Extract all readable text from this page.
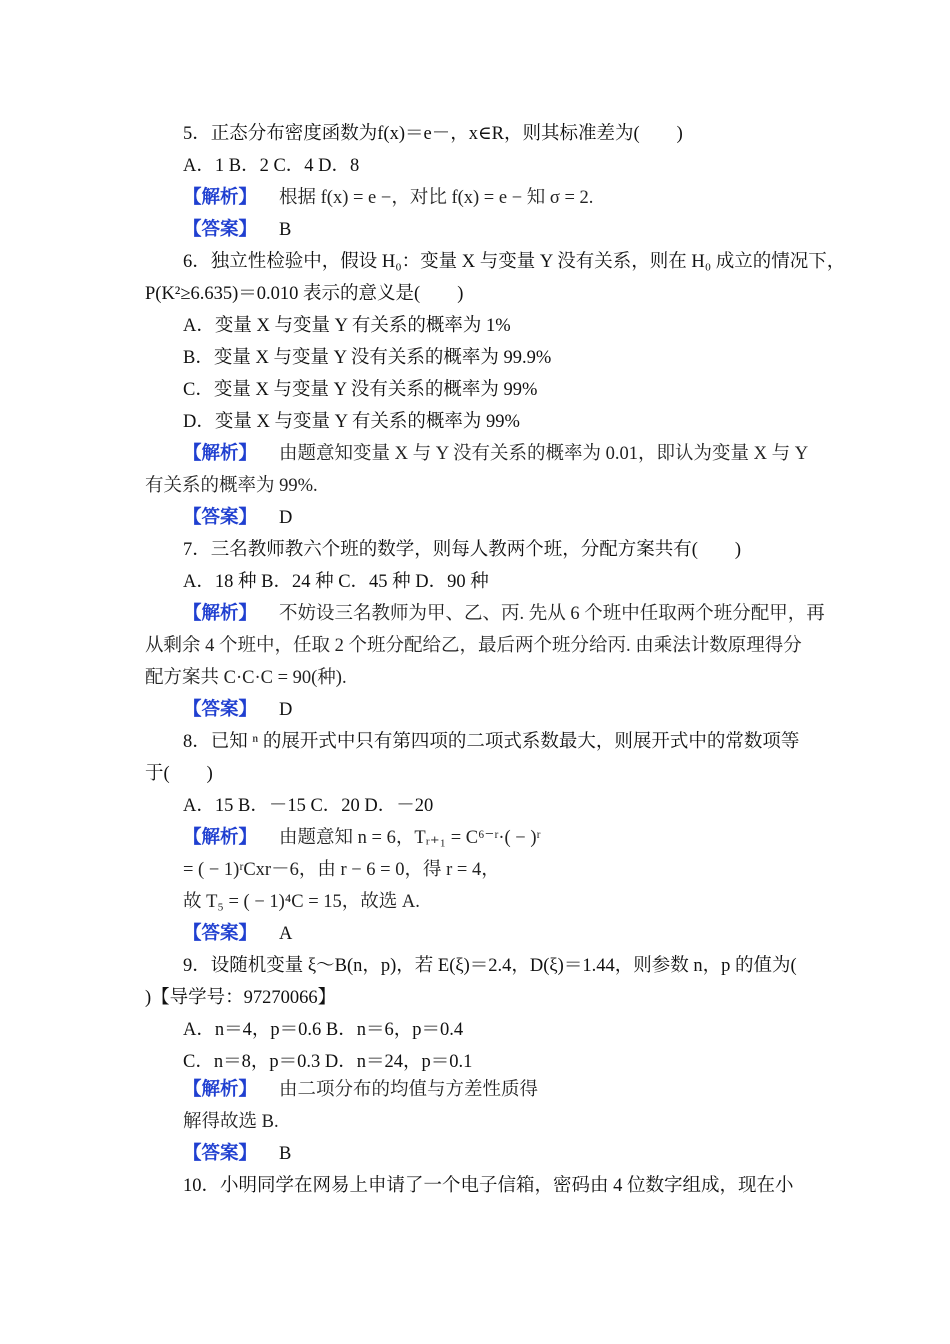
5．正态分布密度函数为f(x)＝e－，x∈R，则其标准差为(　　)
A．1 B．2 C．4 D．8
【解析】 根据 f(x) = e −，对比 f(x) = e − 知 σ = 2.
【答案】 B
6．独立性检验中，假设 H₀：变量 X 与变量 Y 没有关系，则在 H₀ 成立的情况下，
P(K²≥6.635)＝0.010 表示的意义是(　　)
A．变量 X 与变量 Y 有关系的概率为 1%
B．变量 X 与变量 Y 没有关系的概率为 99.9%
C．变量 X 与变量 Y 没有关系的概率为 99%
D．变量 X 与变量 Y 有关系的概率为 99%
【解析】 由题意知变量 X 与 Y 没有关系的概率为 0.01，即认为变量 X 与 Y
有关系的概率为 99%.
【答案】 D
7．三名教师教六个班的数学，则每人教两个班，分配方案共有(　　)
A．18 种 B．24 种 C．45 种 D．90 种
【解析】 不妨设三名教师为甲、乙、丙. 先从 6 个班中任取两个班分配甲，再
从剩余 4 个班中，任取 2 个班分配给乙，最后两个班分给丙. 由乘法计数原理得分
配方案共 C·C·C = 90(种).
【答案】 D
8．已知 ⁿ 的展开式中只有第四项的二项式系数最大，则展开式中的常数项等
于(　　)
A．15 B．－15 C．20 D．－20
【解析】 由题意知 n = 6，Tᵣ₊₁ = C⁶⁻ʳ·( − )ʳ
= ( − 1)ʳCxr－6，由 r − 6 = 0，得 r = 4，
故 T₅ = ( − 1)⁴C = 15，故选 A.
【答案】 A
9．设随机变量 ξ～B(n，p)，若 E(ξ)＝2.4，D(ξ)＝1.44，则参数 n，p 的值为(
)【导学号：97270066】
A．n＝4，p＝0.6 B．n＝6，p＝0.4
C．n＝8，p＝0.3 D．n＝24，p＝0.1
【解析】 由二项分布的均值与方差性质得
解得故选 B.
【答案】 B
10．小明同学在网易上申请了一个电子信箱，密码由 4 位数字组成，现在小
